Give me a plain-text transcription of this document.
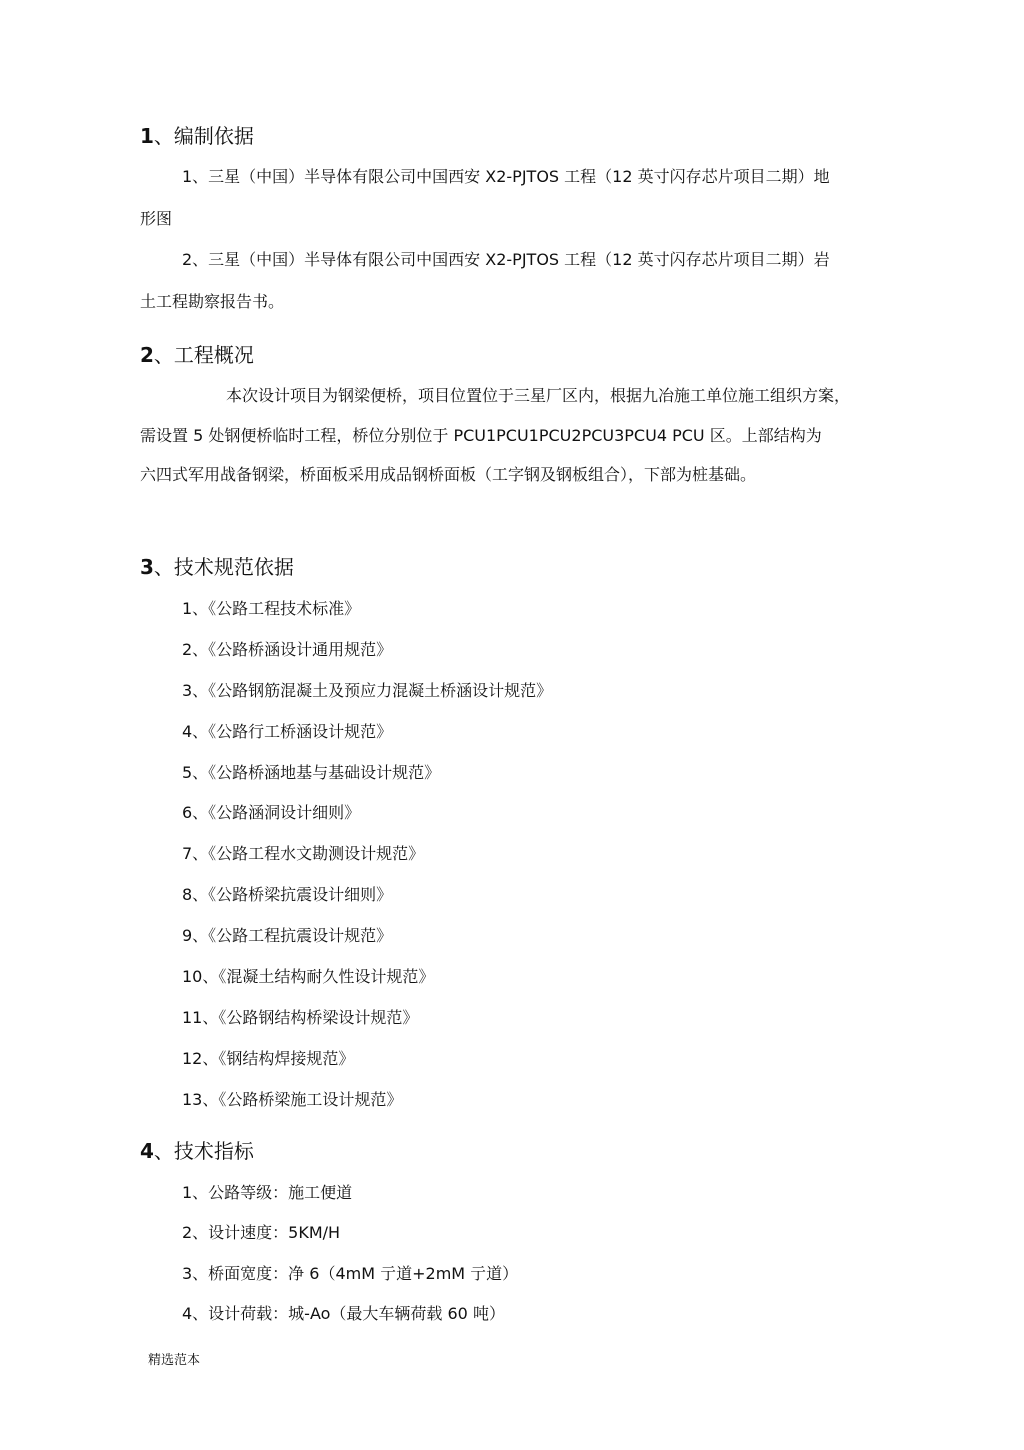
1、编制依据
1、三星（中国）半导体有限公司中国西安 X2-PJTOS 工程（12 英寸闪存芯片项目二期）地
形图
2、三星（中国）半导体有限公司中国西安 X2-PJTOS 工程（12 英寸闪存芯片项目二期）岩
土工程勘察报告书。
2、工程概况
本次设计项目为钢梁便桥，项目位置位于三星厂区内，根据九冶施工单位施工组织方案，
需设置 5 处钢便桥临时工程，桥位分别位于 PCU1PCU1PCU2PCU3PCU4 PCU 区。上部结构为
六四式军用战备钢梁，桥面板采用成品钢桥面板（工字钢及钢板组合），下部为桩基础。
3、技术规范依据
1、《公路工程技术标准》
2、《公路桥涵设计通用规范》
3、《公路钢筋混凝土及预应力混凝土桥涵设计规范》
4、《公路行工桥涵设计规范》
5、《公路桥涵地基与基础设计规范》
6、《公路涵洞设计细则》
7、《公路工程水文勘测设计规范》
8、《公路桥梁抗震设计细则》
9、《公路工程抗震设计规范》
10、《混凝土结构耐久性设计规范》
11、《公路钢结构桥梁设计规范》
12、《钢结构焊接规范》
13、《公路桥梁施工设计规范》
4、技术指标
1、公路等级：施工便道
2、设计速度：5KM/H
3、桥面宽度：净 6（4mM 亍道+2mM 亍道）
4、设计荷载：城-Ao（最大车辆荷载 60 吨）
精选范本
